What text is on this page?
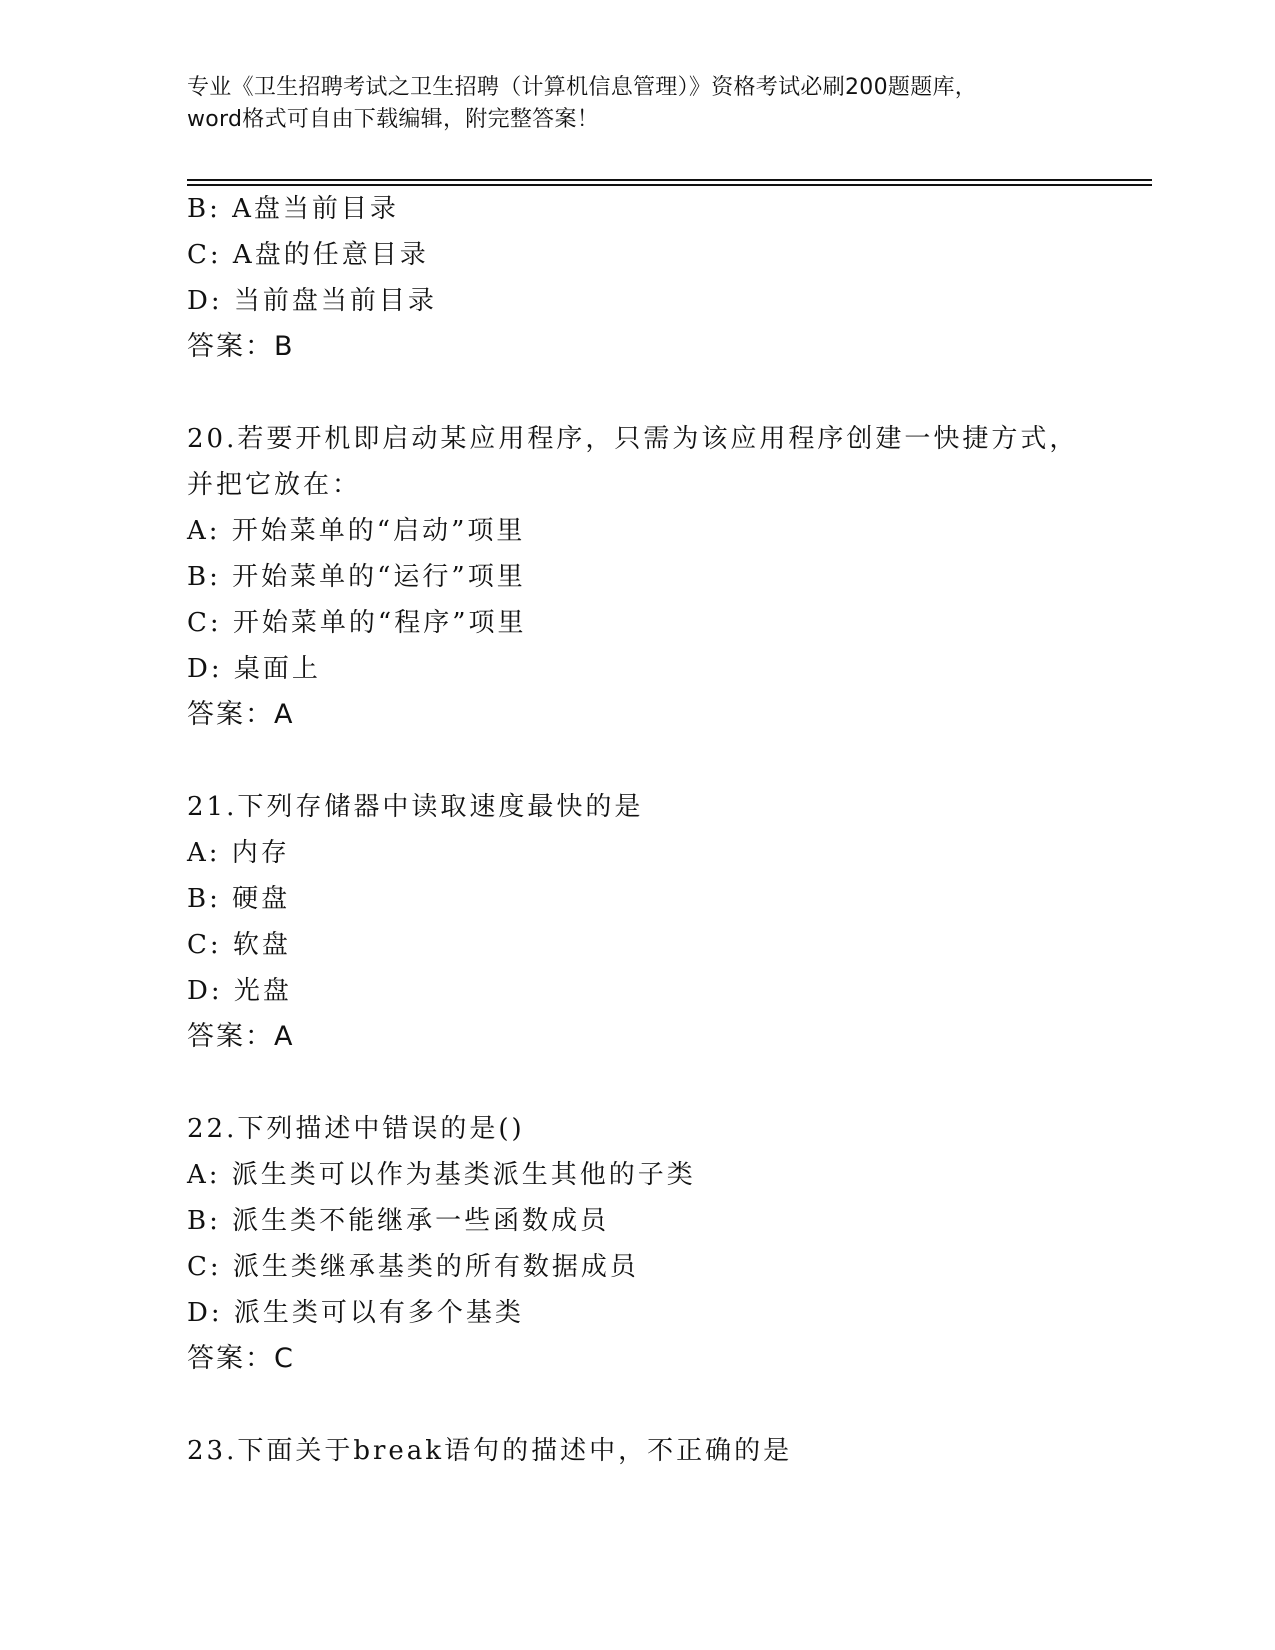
专业《卫生招聘考试之卫生招聘（计算机信息管理）》资格考试必刷200题题库，
word格式可自由下载编辑，附完整答案！
B: A盘当前目录
C: A盘的任意目录
D: 当前盘当前目录
答案：B
20.若要开机即启动某应用程序，只需为该应用程序创建一快捷方式，
并把它放在：
A: 开始菜单的“启动”项里
B: 开始菜单的“运行”项里
C: 开始菜单的“程序”项里
D: 桌面上
答案：A
21.下列存储器中读取速度最快的是
A: 内存
B: 硬盘
C: 软盘
D: 光盘
答案：A
22.下列描述中错误的是()
A: 派生类可以作为基类派生其他的子类
B: 派生类不能继承一些函数成员
C: 派生类继承基类的所有数据成员
D: 派生类可以有多个基类
答案：C
23.下面关于break语句的描述中，不正确的是
